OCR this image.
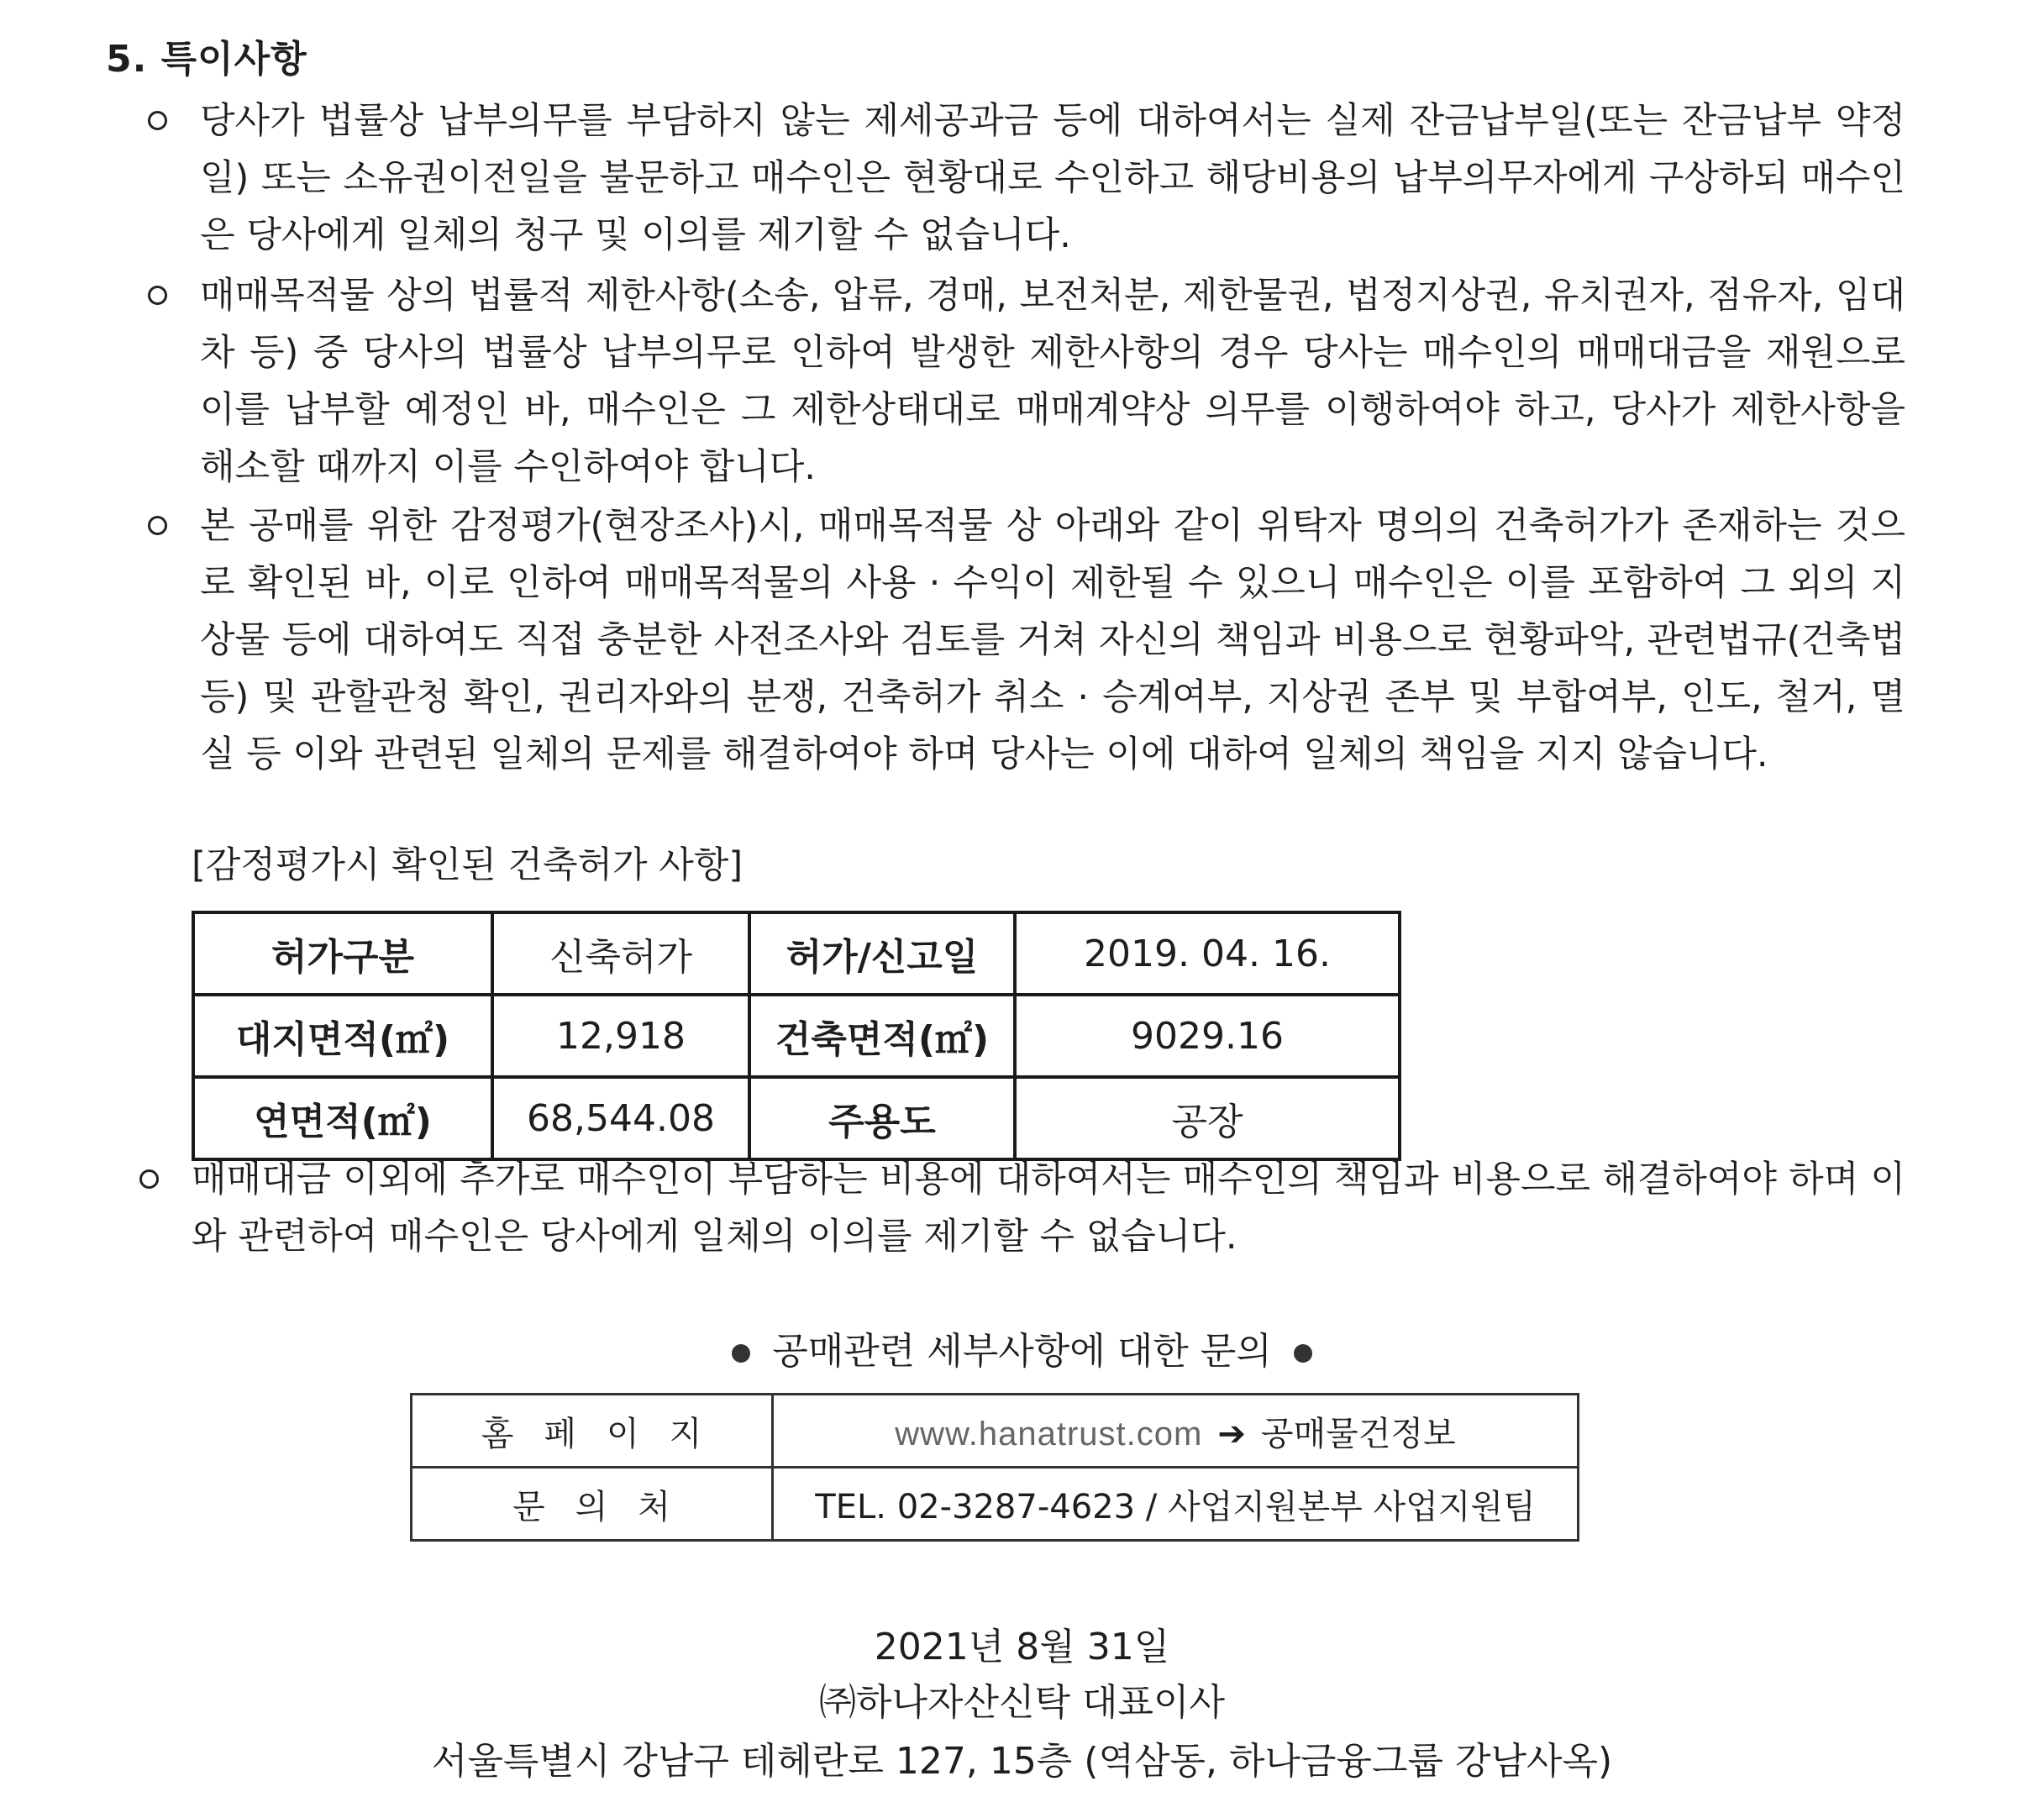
5. 특이사항
당사가 법률상 납부의무를 부담하지 않는 제세공과금 등에 대하여서는 실제 잔금납부일(또는 잔금납부 약정일) 또는 소유권이전일을 불문하고 매수인은 현황대로 수인하고 해당비용의 납부의무자에게 구상하되 매수인은 당사에게 일체의 청구 및 이의를 제기할 수 없습니다.
매매목적물 상의 법률적 제한사항(소송, 압류, 경매, 보전처분, 제한물권, 법정지상권, 유치권자, 점유자, 임대차 등) 중 당사의 법률상 납부의무로 인하여 발생한 제한사항의 경우 당사는 매수인의 매매대금을 재원으로 이를 납부할 예정인 바, 매수인은 그 제한상태대로 매매계약상 의무를 이행하여야 하고, 당사가 제한사항을 해소할 때까지 이를 수인하여야 합니다.
본 공매를 위한 감정평가(현장조사)시, 매매목적물 상 아래와 같이 위탁자 명의의 건축허가가 존재하는 것으로 확인된 바, 이로 인하여 매매목적물의 사용 · 수익이 제한될 수 있으니 매수인은 이를 포함하여 그 외의 지상물 등에 대하여도 직접 충분한 사전조사와 검토를 거쳐 자신의 책임과 비용으로 현황파악, 관련법규(건축법 등) 및 관할관청 확인, 권리자와의 분쟁, 건축허가 취소 · 승계여부, 지상권 존부 및 부합여부, 인도, 철거, 멸실 등 이와 관련된 일체의 문제를 해결하여야 하며 당사는 이에 대하여 일체의 책임을 지지 않습니다.
[감정평가시 확인된 건축허가 사항]
허가구분	신축허가	허가/신고일	2019. 04. 16.
대지면적(㎡)	12,918	건축면적(㎡)	9029.16
연면적(㎡)	68,544.08	주용도	공장
매매대금 이외에 추가로 매수인이 부담하는 비용에 대하여서는 매수인의 책임과 비용으로 해결하여야 하며 이와 관련하여 매수인은 당사에게 일체의 이의를 제기할 수 없습니다.
공매관련 세부사항에 대한 문의
홈페이지	www.hanatrust.com ➔ 공매물건정보
문의처	TEL. 02-3287-4623 / 사업지원본부 사업지원팀
2021년 8월 31일
㈜하나자산신탁 대표이사
서울특별시 강남구 테헤란로 127, 15층 (역삼동, 하나금융그룹 강남사옥)
